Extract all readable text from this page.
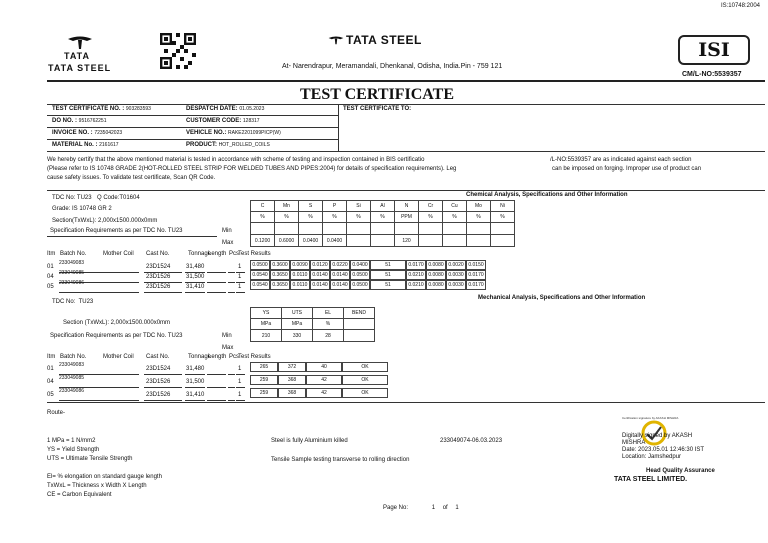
IS:10748:2004
TATA
TATA STEEL
TATA STEEL
At- Narendrapur, Meramandali, Dhenkanal, Odisha, India.Pin - 759 121
ISI
CM/L-NO:5539357
TEST CERTIFICATE
TEST CERTIFICATE NO. : 903283593	DESPATCH DATE: 01.05.2023	TEST CERTIFICATE TO:
DO NO. : 9516762251	CUSTOMER CODE: 128317
INVOICE NO. : 7235042023	VEHICLE NO.: RAKE2201099PICP(W)
MATERIAL No. : 2161617	PRODUCT: HOT_ROLLED_COILS
We hereby certify that the above mentioned material is tested in accordance with scheme of testing and inspection contained in BIS certificatio	/L-NO:5539357 are as indicated against each section
(Please refer to IS 10748 GRADE 2(HOT-ROLLED STEEL STRIP FOR WELDED TUBES AND PIPES:2004) for details of specification requirements). Leg	can be imposed on forging. Improper use of product can
cause safety issues. To validate test certificate, Scan QR Code.
TDC No: TU23 Q Code:T01604	Chemical Analysis, Specifications and Other Information
Grade: IS 10748 GR 2
Section(TxWxL): 2,000x1500.000x0mm
Specification Requirements as per TDC No. TU23	Min
Max
C	Mn	S	P	Si	Al	N	Cr	Cu	Mo	Ni
%	%	%	%	%	%	PPM	%	%	%	%

0.1200	0.6000	0.0400	0.0400			120				
Itm Batch No.	Mother Coil Cast No.	Tonnage
Length Pcs
Test Results
01
233049083
23D1524	31,480	1 0.0500 0.3600 0.0090 0.0120 0.0220 0.0400	51	0.0170 0.0080 0.0020 0.0150
04
233049085
23D1526	31,500	1 0.0540 0.3650 0.0110 0.0140 0.0140 0.0500	51	0.0210 0.0080 0.0030 0.0170
05
233049086
23D1526	31,410	1 0.0540 0.3650 0.0110 0.0140 0.0140 0.0500	51	0.0210 0.0080 0.0030 0.0170
Mechanical Analysis, Specifications and Other Information
TDC No: TU23
Section (TxWxL): 2,000x1500.000x0mm
Specification Requirements as per TDC No. TU23	Min
Max
YS	UTS	EL	BEND
MPa	MPa	%	
210	330	28	
Itm Batch No.	Mother Coil Cast No.	Tonnage
Length Pcs
Test Results
01
233049083
23D1524	31,480	1	265	372	40	OK
04
233049085
23D1526	31,500	1	259	368	42	OK
05
233049086
23D1526	31,410	1	259	368	42	OK
Route-
1 MPa = 1 N/mm2
YS = Yield Strength
UTS = Ultimate Tensile Strength
El= % elongation on standard gauge length
TxWxL = Thickness x Width X Length
CE = Carbon Equivalent
Steel is fully Aluminium killed
Tensile Sample testing transverse to rolling direction
233049074-06.03.2023
Certification signature by AKASH MISHRA
Digitally signed by AKASH
MISHRA
Date: 2023.05.01 12:46:30 IST
Location: Jamshedpur
Head Quality Assurance
TATA STEEL LIMITED.
Page No:	1 of 1
